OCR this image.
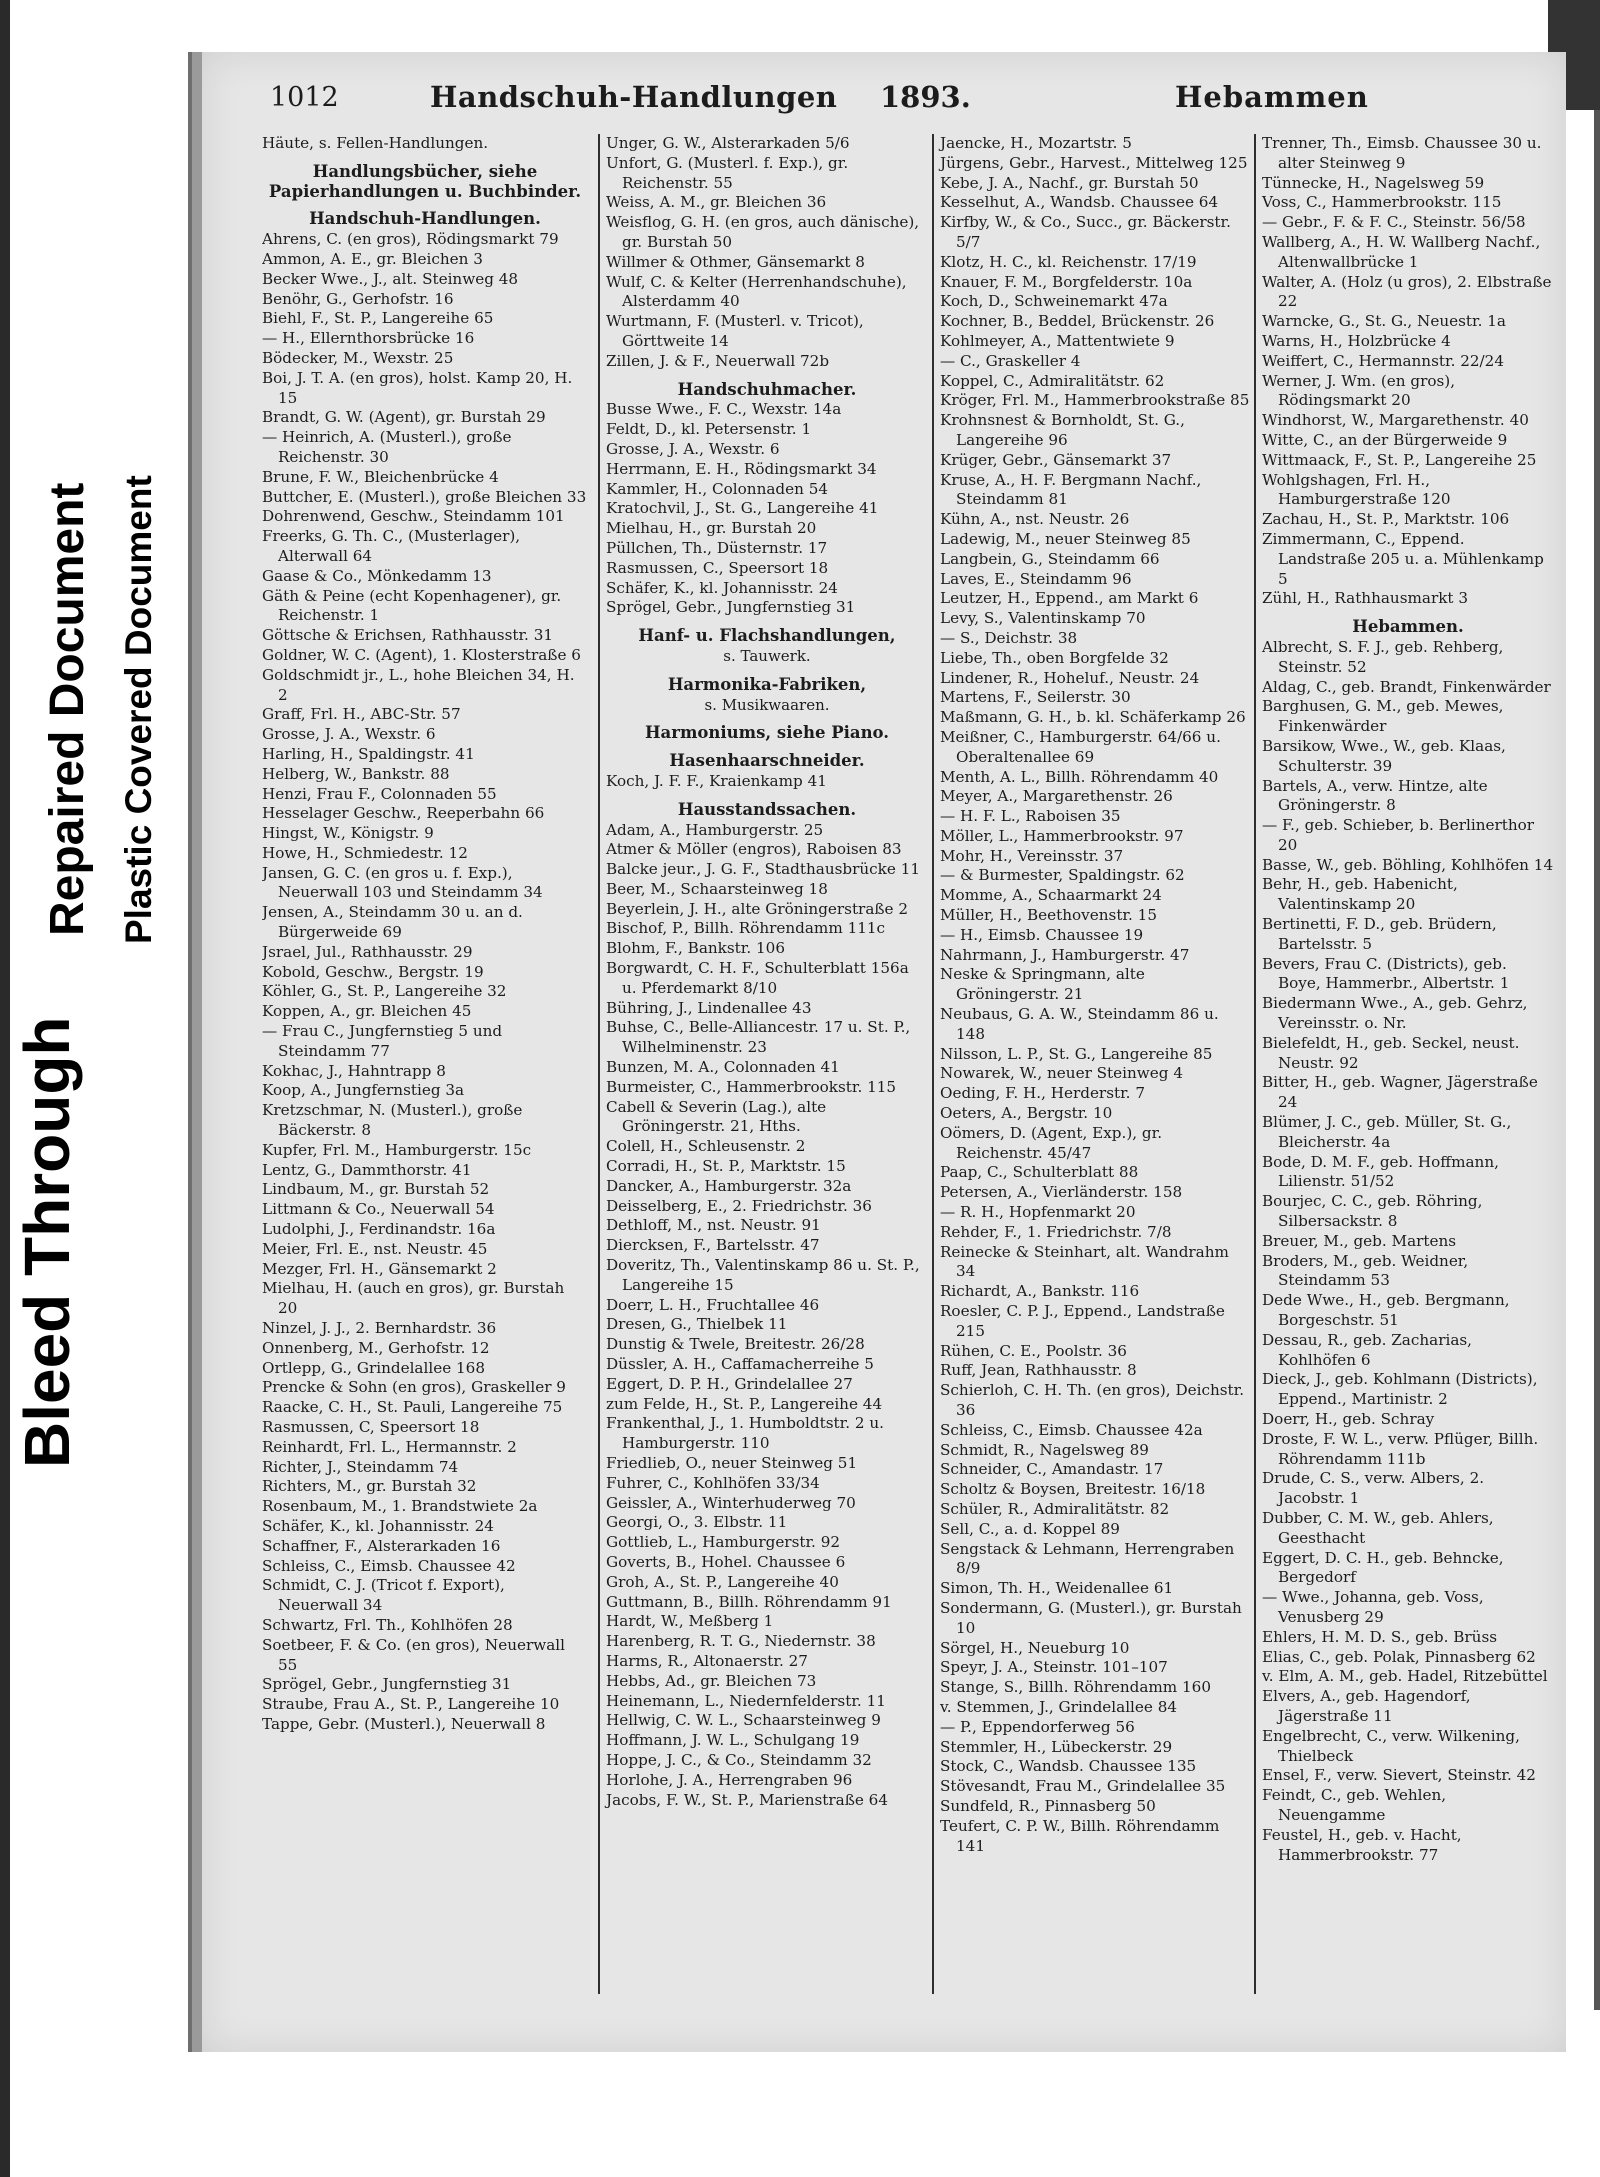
Bleed Through
Repaired Document Plastic Covered Document
1012	Handschuh-Handlungen 1893.	Hebammen
Häute, s. Fellen-Handlungen.
Handlungsbücher, siehe Papierhandlungen u. Buchbinder.
Handschuh-Handlungen.
Ahrens, C. (en gros), Rödingsmarkt 79
Ammon, A. E., gr. Bleichen 3
Becker Wwe., J., alt. Steinweg 48
Benöhr, G., Gerhofstr. 16
Biehl, F., St. P., Langereihe 65
— H., Ellernthorsbrücke 16
Bödecker, M., Wexstr. 25
Boi, J. T. A. (en gros), holst. Kamp 20, H. 15
Brandt, G. W. (Agent), gr. Burstah 29
— Heinrich, A. (Musterl.), große Reichenstr. 30
Brune, F. W., Bleichenbrücke 4
Buttcher, E. (Musterl.), große Bleichen 33
Dohrenwend, Geschw., Steindamm 101
Freerks, G. Th. C., (Musterlager), Alterwall 64
Gaase & Co., Mönkedamm 13
Gäth & Peine (echt Kopenhagener), gr. Reichenstr. 1
Göttsche & Erichsen, Rathhausstr. 31
Goldner, W. C. (Agent), 1. Klosterstraße 6
Goldschmidt jr., L., hohe Bleichen 34, H. 2
Graff, Frl. H., ABC-Str. 57
Grosse, J. A., Wexstr. 6
Harling, H., Spaldingstr. 41
Helberg, W., Bankstr. 88
Henzi, Frau F., Colonnaden 55
Hesselager Geschw., Reeperbahn 66
Hingst, W., Königstr. 9
Howe, H., Schmiedestr. 12
Jansen, G. C. (en gros u. f. Exp.), Neuerwall 103 und Steindamm 34
Jensen, A., Steindamm 30 u. an d. Bürgerweide 69
Jsrael, Jul., Rathhausstr. 29
Kobold, Geschw., Bergstr. 19
Köhler, G., St. P., Langereihe 32
Koppen, A., gr. Bleichen 45
— Frau C., Jungfernstieg 5 und Steindamm 77
Kokhac, J., Hahntrapp 8
Koop, A., Jungfernstieg 3a
Kretzschmar, N. (Musterl.), große Bäckerstr. 8
Kupfer, Frl. M., Hamburgerstr. 15c
Lentz, G., Dammthorstr. 41
Lindbaum, M., gr. Burstah 52
Littmann & Co., Neuerwall 54
Ludolphi, J., Ferdinandstr. 16a
Meier, Frl. E., nst. Neustr. 45
Mezger, Frl. H., Gänsemarkt 2
Mielhau, H. (auch en gros), gr. Burstah 20
Ninzel, J. J., 2. Bernhardstr. 36
Onnenberg, M., Gerhofstr. 12
Ortlepp, G., Grindelallee 168
Prencke & Sohn (en gros), Graskeller 9
Raacke, C. H., St. Pauli, Langereihe 75
Rasmussen, C, Speersort 18
Reinhardt, Frl. L., Hermannstr. 2
Richter, J., Steindamm 74
Richters, M., gr. Burstah 32
Rosenbaum, M., 1. Brandstwiete 2a
Schäfer, K., kl. Johannisstr. 24
Schaffner, F., Alsterarkaden 16
Schleiss, C., Eimsb. Chaussee 42
Schmidt, C. J. (Tricot f. Export), Neuerwall 34
Schwartz, Frl. Th., Kohlhöfen 28
Soetbeer, F. & Co. (en gros), Neuerwall 55
Sprögel, Gebr., Jungfernstieg 31
Straube, Frau A., St. P., Langereihe 10
Tappe, Gebr. (Musterl.), Neuerwall 8
Unger, G. W., Alsterarkaden 5/6
Unfort, G. (Musterl. f. Exp.), gr. Reichenstr. 55
Weiss, A. M., gr. Bleichen 36
Weisflog, G. H. (en gros, auch dänische), gr. Burstah 50
Willmer & Othmer, Gänsemarkt 8
Wulf, C. & Kelter (Herrenhandschuhe), Alsterdamm 40
Wurtmann, F. (Musterl. v. Tricot), Görttweite 14
Zillen, J. & F., Neuerwall 72b
Handschuhmacher.
Busse Wwe., F. C., Wexstr. 14a
Feldt, D., kl. Petersenstr. 1
Grosse, J. A., Wexstr. 6
Herrmann, E. H., Rödingsmarkt 34
Kammler, H., Colonnaden 54
Kratochvil, J., St. G., Langereihe 41
Mielhau, H., gr. Burstah 20
Püllchen, Th., Düsternstr. 17
Rasmussen, C., Speersort 18
Schäfer, K., kl. Johannisstr. 24
Sprögel, Gebr., Jungfernstieg 31
Hanf- u. Flachshandlungen,
s. Tauwerk.
Harmonika-Fabriken,
s. Musikwaaren.
Harmoniums, siehe Piano.
Hasenhaarschneider.
Koch, J. F. F., Kraienkamp 41
Hausstandssachen.
Adam, A., Hamburgerstr. 25
Atmer & Möller (engros), Raboisen 83
Balcke jeur., J. G. F., Stadthausbrücke 11
Beer, M., Schaarsteinweg 18
Beyerlein, J. H., alte Gröningerstraße 2
Bischof, P., Billh. Röhrendamm 111c
Blohm, F., Bankstr. 106
Borgwardt, C. H. F., Schulterblatt 156a u. Pferdemarkt 8/10
Bühring, J., Lindenallee 43
Buhse, C., Belle-Alliancestr. 17 u. St. P., Wilhelminenstr. 23
Bunzen, M. A., Colonnaden 41
Burmeister, C., Hammerbrookstr. 115
Cabell & Severin (Lag.), alte Gröningerstr. 21, Hths.
Colell, H., Schleusenstr. 2
Corradi, H., St. P., Marktstr. 15
Dancker, A., Hamburgerstr. 32a
Deisselberg, E., 2. Friedrichstr. 36
Dethloff, M., nst. Neustr. 91
Diercksen, F., Bartelsstr. 47
Doveritz, Th., Valentinskamp 86 u. St. P., Langereihe 15
Doerr, L. H., Fruchtallee 46
Dresen, G., Thielbek 11
Dunstig & Twele, Breitestr. 26/28
Düssler, A. H., Caffamacherreihe 5
Eggert, D. P. H., Grindelallee 27
zum Felde, H., St. P., Langereihe 44
Frankenthal, J., 1. Humboldtstr. 2 u. Hamburgerstr. 110
Friedlieb, O., neuer Steinweg 51
Fuhrer, C., Kohlhöfen 33/34
Geissler, A., Winterhuderweg 70
Georgi, O., 3. Elbstr. 11
Gottlieb, L., Hamburgerstr. 92
Goverts, B., Hohel. Chaussee 6
Groh, A., St. P., Langereihe 40
Guttmann, B., Billh. Röhrendamm 91
Hardt, W., Meßberg 1
Harenberg, R. T. G., Niedernstr. 38
Harms, R., Altonaerstr. 27
Hebbs, Ad., gr. Bleichen 73
Heinemann, L., Niedernfelderstr. 11
Hellwig, C. W. L., Schaarsteinweg 9
Hoffmann, J. W. L., Schulgang 19
Hoppe, J. C., & Co., Steindamm 32
Horlohe, J. A., Herrengraben 96
Jacobs, F. W., St. P., Marienstraße 64
Jaencke, H., Mozartstr. 5
Jürgens, Gebr., Harvest., Mittelweg 125
Kebe, J. A., Nachf., gr. Burstah 50
Kesselhut, A., Wandsb. Chaussee 64
Kirfby, W., & Co., Succ., gr. Bäckerstr. 5/7
Klotz, H. C., kl. Reichenstr. 17/19
Knauer, F. M., Borgfelderstr. 10a
Koch, D., Schweinemarkt 47a
Kochner, B., Beddel, Brückenstr. 26
Kohlmeyer, A., Mattentwiete 9
— C., Graskeller 4
Koppel, C., Admiralitätstr. 62
Kröger, Frl. M., Hammerbrookstraße 85
Krohnsnest & Bornholdt, St. G., Langereihe 96
Krüger, Gebr., Gänsemarkt 37
Kruse, A., H. F. Bergmann Nachf., Steindamm 81
Kühn, A., nst. Neustr. 26
Ladewig, M., neuer Steinweg 85
Langbein, G., Steindamm 66
Laves, E., Steindamm 96
Leutzer, H., Eppend., am Markt 6
Levy, S., Valentinskamp 70
— S., Deichstr. 38
Liebe, Th., oben Borgfelde 32
Lindener, R., Hoheluf., Neustr. 24
Martens, F., Seilerstr. 30
Maßmann, G. H., b. kl. Schäferkamp 26
Meißner, C., Hamburgerstr. 64/66 u. Oberaltenallee 69
Menth, A. L., Billh. Röhrendamm 40
Meyer, A., Margarethenstr. 26
— H. F. L., Raboisen 35
Möller, L., Hammerbrookstr. 97
Mohr, H., Vereinsstr. 37
— & Burmester, Spaldingstr. 62
Momme, A., Schaarmarkt 24
Müller, H., Beethovenstr. 15
— H., Eimsb. Chaussee 19
Nahrmann, J., Hamburgerstr. 47
Neske & Springmann, alte Gröningerstr. 21
Neubaus, G. A. W., Steindamm 86 u. 148
Nilsson, L. P., St. G., Langereihe 85
Nowarek, W., neuer Steinweg 4
Oeding, F. H., Herderstr. 7
Oeters, A., Bergstr. 10
Oömers, D. (Agent, Exp.), gr. Reichenstr. 45/47
Paap, C., Schulterblatt 88
Petersen, A., Vierländerstr. 158
— R. H., Hopfenmarkt 20
Rehder, F., 1. Friedrichstr. 7/8
Reinecke & Steinhart, alt. Wandrahm 34
Richardt, A., Bankstr. 116
Roesler, C. P. J., Eppend., Landstraße 215
Rühen, C. E., Poolstr. 36
Ruff, Jean, Rathhausstr. 8
Schierloh, C. H. Th. (en gros), Deichstr. 36
Schleiss, C., Eimsb. Chaussee 42a
Schmidt, R., Nagelsweg 89
Schneider, C., Amandastr. 17
Scholtz & Boysen, Breitestr. 16/18
Schüler, R., Admiralitätstr. 82
Sell, C., a. d. Koppel 89
Sengstack & Lehmann, Herrengraben 8/9
Simon, Th. H., Weidenallee 61
Sondermann, G. (Musterl.), gr. Burstah 10
Sörgel, H., Neueburg 10
Speyr, J. A., Steinstr. 101–107
Stange, S., Billh. Röhrendamm 160
v. Stemmen, J., Grindelallee 84
— P., Eppendorferweg 56
Stemmler, H., Lübeckerstr. 29
Stock, C., Wandsb. Chaussee 135
Stövesandt, Frau M., Grindelallee 35
Sundfeld, R., Pinnasberg 50
Teufert, C. P. W., Billh. Röhrendamm 141
Trenner, Th., Eimsb. Chaussee 30 u. alter Steinweg 9
Tünnecke, H., Nagelsweg 59
Voss, C., Hammerbrookstr. 115
— Gebr., F. & F. C., Steinstr. 56/58
Wallberg, A., H. W. Wallberg Nachf., Altenwallbrücke 1
Walter, A. (Holz (u gros), 2. Elbstraße 22
Warncke, G., St. G., Neuestr. 1a
Warns, H., Holzbrücke 4
Weiffert, C., Hermannstr. 22/24
Werner, J. Wm. (en gros), Rödingsmarkt 20
Windhorst, W., Margarethenstr. 40
Witte, C., an der Bürgerweide 9
Wittmaack, F., St. P., Langereihe 25
Wohlgshagen, Frl. H., Hamburgerstraße 120
Zachau, H., St. P., Marktstr. 106
Zimmermann, C., Eppend. Landstraße 205 u. a. Mühlenkamp 5
Zühl, H., Rathhausmarkt 3
Hebammen.
Albrecht, S. F. J., geb. Rehberg, Steinstr. 52
Aldag, C., geb. Brandt, Finkenwärder
Barghusen, G. M., geb. Mewes, Finkenwärder
Barsikow, Wwe., W., geb. Klaas, Schulterstr. 39
Bartels, A., verw. Hintze, alte Gröningerstr. 8
— F., geb. Schieber, b. Berlinerthor 20
Basse, W., geb. Böhling, Kohlhöfen 14
Behr, H., geb. Habenicht, Valentinskamp 20
Bertinetti, F. D., geb. Brüdern, Bartelsstr. 5
Bevers, Frau C. (Districts), geb. Boye, Hammerbr., Albertstr. 1
Biedermann Wwe., A., geb. Gehrz, Vereinsstr. o. Nr.
Bielefeldt, H., geb. Seckel, neust. Neustr. 92
Bitter, H., geb. Wagner, Jägerstraße 24
Blümer, J. C., geb. Müller, St. G., Bleicherstr. 4a
Bode, D. M. F., geb. Hoffmann, Lilienstr. 51/52
Bourjec, C. C., geb. Röhring, Silbersackstr. 8
Breuer, M., geb. Martens
Broders, M., geb. Weidner, Steindamm 53
Dede Wwe., H., geb. Bergmann, Borgeschstr. 51
Dessau, R., geb. Zacharias, Kohlhöfen 6
Dieck, J., geb. Kohlmann (Districts), Eppend., Martinistr. 2
Doerr, H., geb. Schray
Droste, F. W. L., verw. Pflüger, Billh. Röhrendamm 111b
Drude, C. S., verw. Albers, 2. Jacobstr. 1
Dubber, C. M. W., geb. Ahlers, Geesthacht
Eggert, D. C. H., geb. Behncke, Bergedorf
— Wwe., Johanna, geb. Voss, Venusberg 29
Ehlers, H. M. D. S., geb. Brüss
Elias, C., geb. Polak, Pinnasberg 62
v. Elm, A. M., geb. Hadel, Ritzebüttel
Elvers, A., geb. Hagendorf, Jägerstraße 11
Engelbrecht, C., verw. Wilkening, Thielbeck
Ensel, F., verw. Sievert, Steinstr. 42
Feindt, C., geb. Wehlen, Neuengamme
Feustel, H., geb. v. Hacht, Hammerbrookstr. 77
